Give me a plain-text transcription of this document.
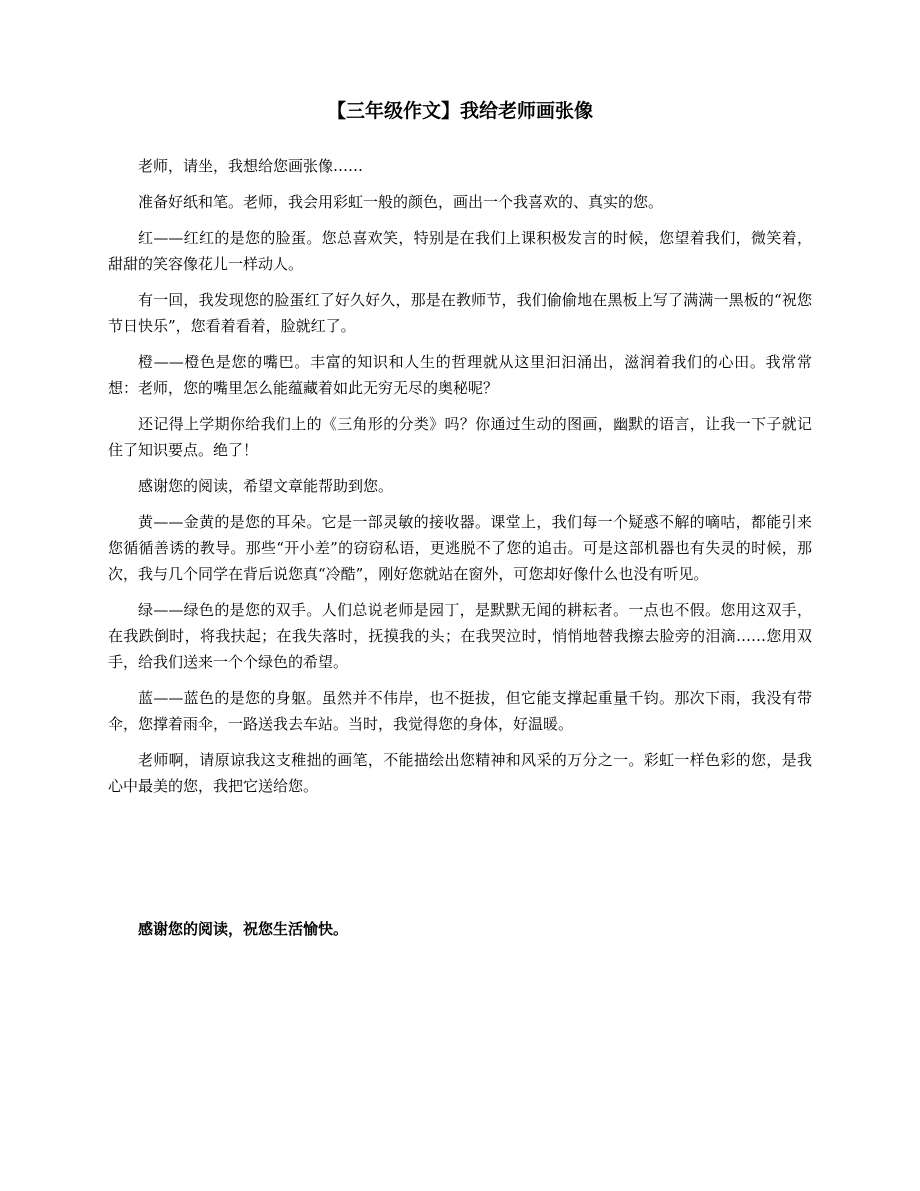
【三年级作文】我给老师画张像

老师，请坐，我想给您画张像……

准备好纸和笔。老师，我会用彩虹一般的颜色，画出一个我喜欢的、真实的您。

红——红红的是您的脸蛋。您总喜欢笑，特别是在我们上课积极发言的时候，您望着我们，微笑着，甜甜的笑容像花儿一样动人。

有一回，我发现您的脸蛋红了好久好久，那是在教师节，我们偷偷地在黑板上写了满满一黑板的“祝您节日快乐”，您看着看着，脸就红了。

橙——橙色是您的嘴巴。丰富的知识和人生的哲理就从这里汩汩涌出，滋润着我们的心田。我常常想：老师，您的嘴里怎么能蕴藏着如此无穷无尽的奥秘呢？

还记得上学期你给我们上的《三角形的分类》吗？你通过生动的图画，幽默的语言，让我一下子就记住了知识要点。绝了！

感谢您的阅读，希望文章能帮助到您。

黄——金黄的是您的耳朵。它是一部灵敏的接收器。课堂上，我们每一个疑惑不解的嘀咕，都能引来您循循善诱的教导。那些“开小差”的窃窃私语，更逃脱不了您的追击。可是这部机器也有失灵的时候，那次，我与几个同学在背后说您真“冷酷”，刚好您就站在窗外，可您却好像什么也没有听见。

绿——绿色的是您的双手。人们总说老师是园丁，是默默无闻的耕耘者。一点也不假。您用这双手，在我跌倒时，将我扶起；在我失落时，抚摸我的头；在我哭泣时，悄悄地替我擦去脸旁的泪滴……您用双手，给我们送来一个个绿色的希望。

蓝——蓝色的是您的身躯。虽然并不伟岸，也不挺拔，但它能支撑起重量千钧。那次下雨，我没有带伞，您撑着雨伞，一路送我去车站。当时，我觉得您的身体，好温暖。

老师啊，请原谅我这支稚拙的画笔，不能描绘出您精神和风采的万分之一。彩虹一样色彩的您，是我心中最美的您，我把它送给您。

感谢您的阅读，祝您生活愉快。
